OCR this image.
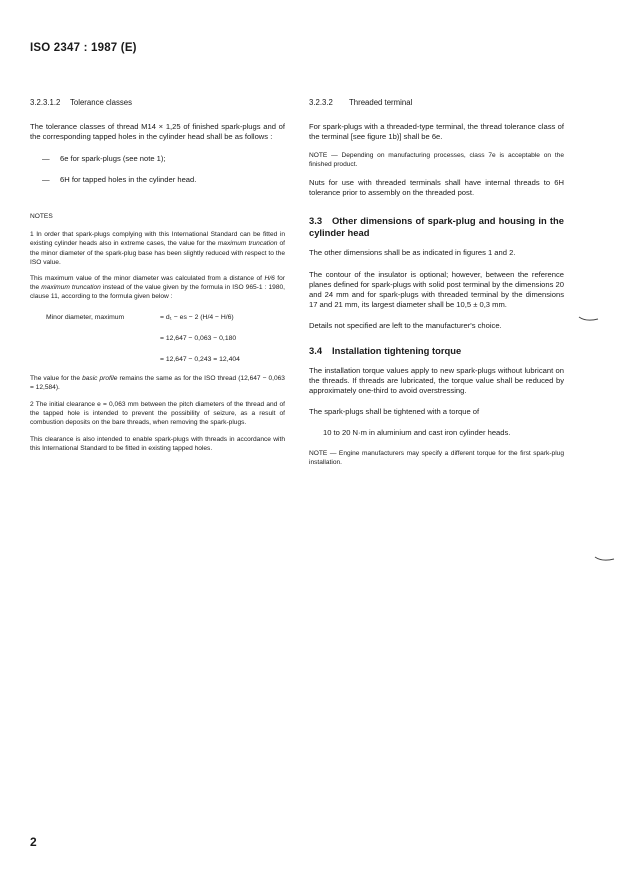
ISO 2347 : 1987 (E)

3.2.3.1.2 Tolerance classes

The tolerance classes of thread M14 × 1,25 of finished spark-plugs and of the corresponding tapped holes in the cylinder head shall be as follows :

— 6e for spark-plugs (see note 1);
— 6H for tapped holes in the cylinder head.

NOTES

1 In order that spark-plugs complying with this International Standard can be fitted in existing cylinder heads also in extreme cases, the value for the maximum truncation of the minor diameter of the spark-plug base has been slightly reduced with respect to the ISO value.

This maximum value of the minor diameter was calculated from a distance of H/6 for the maximum truncation instead of the value given by the formula in ISO 965-1 : 1980, clause 11, according to the formula given below :

Minor diameter, maximum	= d₁ − es − 2 (H/4 − H/6)
= 12,647 − 0,063 − 0,180
= 12,647 − 0,243 = 12,404

The value for the basic profile remains the same as for the ISO thread (12,647 − 0,063 = 12,584).

2 The initial clearance e = 0,063 mm between the pitch diameters of the thread and of the tapped hole is intended to prevent the possibility of seizure, as a result of combustion deposits on the bare threads, when removing the spark-plugs.

This clearance is also intended to enable spark-plugs with threads in accordance with this International Standard to be fitted in existing tapped holes.

3.2.3.2 Threaded terminal

For spark-plugs with a threaded-type terminal, the thread tolerance class of the terminal [see figure 1b)] shall be 6e.

NOTE — Depending on manufacturing processes, class 7e is acceptable on the finished product.

Nuts for use with threaded terminals shall have internal threads to 6H tolerance prior to assembly on the threaded post.

3.3 Other dimensions of spark-plug and housing in the cylinder head

The other dimensions shall be as indicated in figures 1 and 2.

The contour of the insulator is optional; however, between the reference planes defined for spark-plugs with solid post terminal by the dimensions 20 and 24 mm and for spark-plugs with threaded terminal by the dimensions 17 and 21 mm, its largest diameter shall be 10,5 ± 0,3 mm.

Details not specified are left to the manufacturer's choice.

3.4 Installation tightening torque

The installation torque values apply to new spark-plugs without lubricant on the threads. If threads are lubricated, the torque value shall be reduced by approximately one-third to avoid overstressing.

The spark-plugs shall be tightened with a torque of

10 to 20 N·m in aluminium and cast iron cylinder heads.

NOTE — Engine manufacturers may specify a different torque for the first spark-plug installation.

2
